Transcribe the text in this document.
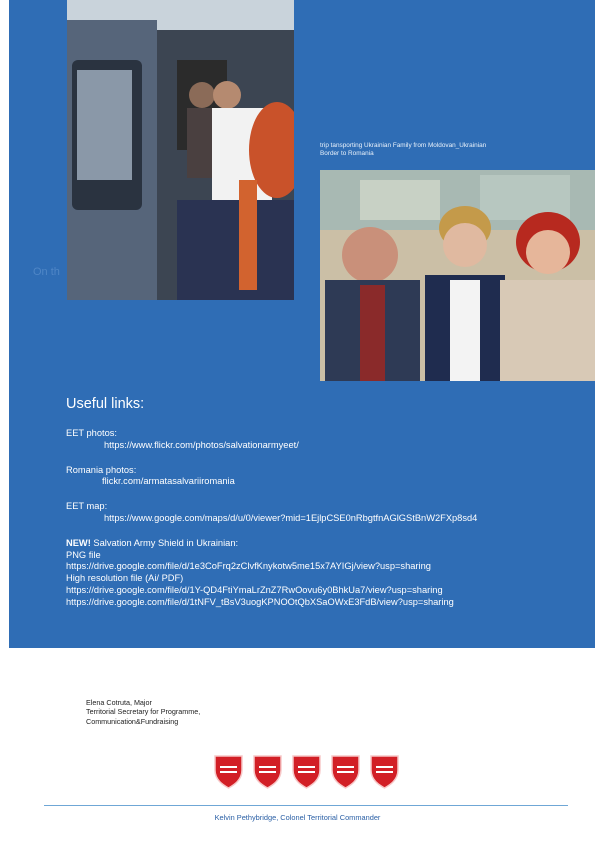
trip tansporting Ukrainian Family from Moldovan_Ukrainian Border to Romania
On th
Useful links:
EET photos:
https://www.flickr.com/photos/salvationarmyeet/
Romania photos:
flickr.com/armatasalvariiromania
EET map:
https://www.google.com/maps/d/u/0/viewer?mid=1EjlpCSE0nRbgtfnAGlGStBnW2FXp8sd4
NEW! Salvation Army Shield in Ukrainian:
PNG file
https://drive.google.com/file/d/1e3CoFrq2zClvfKnykotw5me15x7AYIGj/view?usp=sharing
High resolution file (Ai/ PDF)
https://drive.google.com/file/d/1Y-QD4FtiYmaLrZnZ7RwOovu6y0BhkUa7/view?usp=sharing
https://drive.google.com/file/d/1tNFV_tBsV3uogKPNOOtQbXSaOWxE3FdB/view?usp=sharing
Elena Cotruta, Major
Territorial Secretary for Programme,
Communication&Fundraising
Kelvin Pethybridge, Colonel Territorial Commander
